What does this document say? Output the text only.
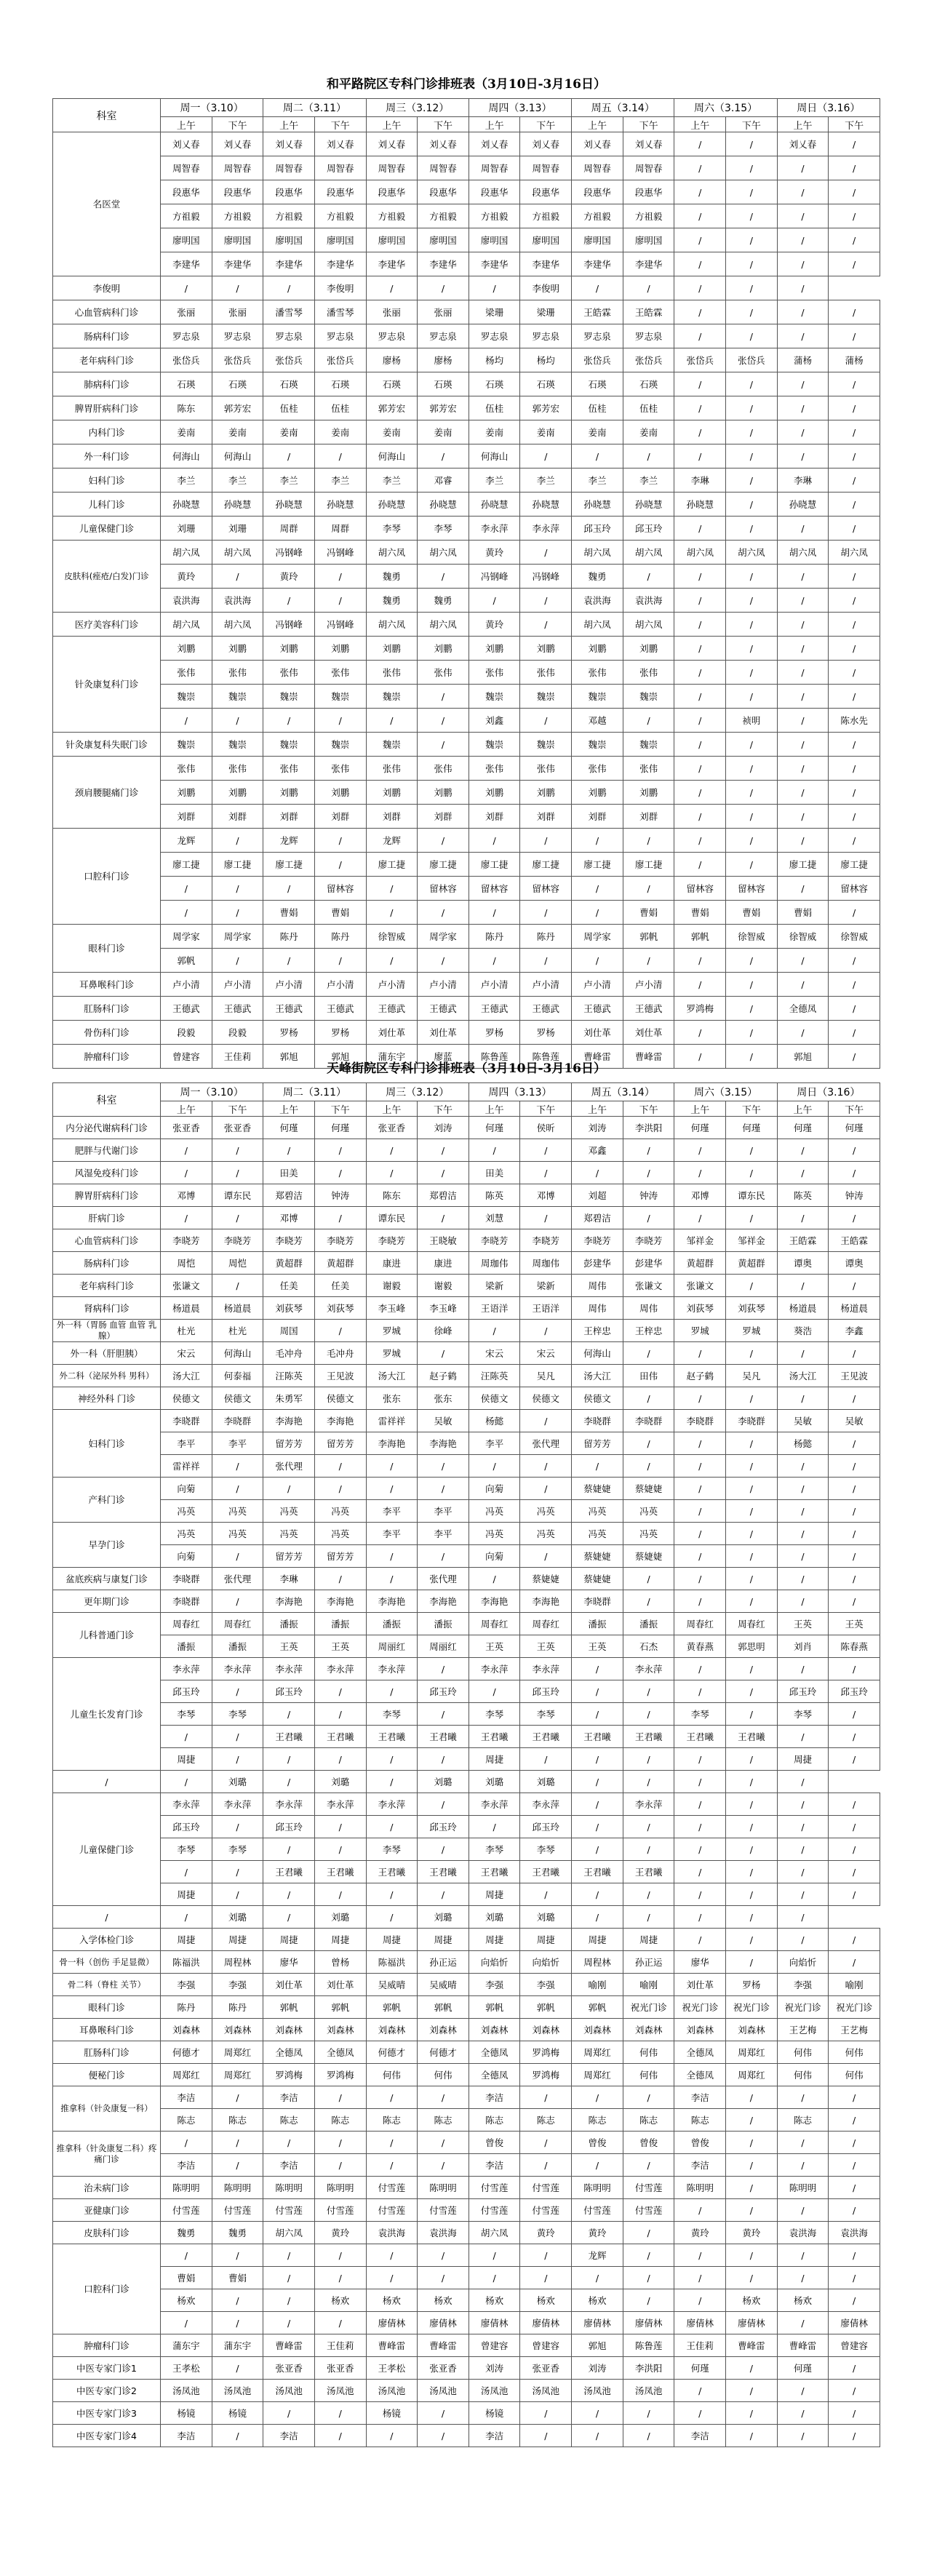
和平路院区专科门诊排班表（3月10日-3月16日）
科室	周一（3.10）		周二（3.11）		周三（3.12）		周四（3.13）		周五（3.14）		周六（3.15）		周日（3.16）	
	上午	下午	上午	下午	上午	下午	上午	下午	上午	下午	上午	下午	上午	下午
名医堂	刘乂春	刘乂春	刘乂春	刘乂春	刘乂春	刘乂春	刘乂春	刘乂春	刘乂春	刘乂春	/	/	刘乂春	/
	周智春	周智春	周智春	周智春	周智春	周智春	周智春	周智春	周智春	周智春	/	/	/	/
	段惠华	段惠华	段惠华	段惠华	段惠华	段惠华	段惠华	段惠华	段惠华	段惠华	/	/	/	/
	方祖毅	方祖毅	方祖毅	方祖毅	方祖毅	方祖毅	方祖毅	方祖毅	方祖毅	方祖毅	/	/	/	/
	廖明国	廖明国	廖明国	廖明国	廖明国	廖明国	廖明国	廖明国	廖明国	廖明国	/	/	/	/
	李建华	李建华	李建华	李建华	李建华	李建华	李建华	李建华	李建华	李建华	/	/	/	/
李俊明	/	/	/	李俊明	/	/	/	李俊明	/	/	/	/	/	
心血管病科门诊	张丽	张丽	潘雪琴	潘雪琴	张丽	张丽	梁珊	梁珊	王皓霖	王皓霖	/	/	/	/
肠病科门诊	罗志泉	罗志泉	罗志泉	罗志泉	罗志泉	罗志泉	罗志泉	罗志泉	罗志泉	罗志泉	/	/	/	/
老年病科门诊	张岱兵	张岱兵	张岱兵	张岱兵	廖杨	廖杨	杨均	杨均	张岱兵	张岱兵	张岱兵	张岱兵	蒲杨	蒲杨
肺病科门诊	石瑛	石瑛	石瑛	石瑛	石瑛	石瑛	石瑛	石瑛	石瑛	石瑛	/	/	/	/
脾胃肝病科门诊	陈东	郭芳宏	伍桂	伍桂	郭芳宏	郭芳宏	伍桂	郭芳宏	伍桂	伍桂	/	/	/	/
内科门诊	姜南	姜南	姜南	姜南	姜南	姜南	姜南	姜南	姜南	姜南	/	/	/	/
外一科门诊	何海山	何海山	/	/	何海山	/	何海山	/	/	/	/	/	/	/
妇科门诊	李兰	李兰	李兰	李兰	李兰	邓睿	李兰	李兰	李兰	李兰	李琳	/	李琳	/
儿科门诊	孙晓慧	孙晓慧	孙晓慧	孙晓慧	孙晓慧	孙晓慧	孙晓慧	孙晓慧	孙晓慧	孙晓慧	孙晓慧	/	孙晓慧	/
儿童保健门诊	刘珊	刘珊	周群	周群	李琴	李琴	李永萍	李永萍	邱玉玲	邱玉玲	/	/	/	/
皮肤科(痤疮/白发)门诊	胡六凤	胡六凤	冯钢峰	冯钢峰	胡六凤	胡六凤	黄玲	/	胡六凤	胡六凤	胡六凤	胡六凤	胡六凤	胡六凤
	黄玲	/	黄玲	/	魏勇	/	冯钢峰	冯钢峰	魏勇	/	/	/	/	/
	袁洪海	袁洪海	/	/	魏勇	魏勇	/	/	袁洪海	袁洪海	/	/	/	/
医疗美容科门诊	胡六凤	胡六凤	冯钢峰	冯钢峰	胡六凤	胡六凤	黄玲	/	胡六凤	胡六凤	/	/	/	/
针灸康复科门诊	刘鹏	刘鹏	刘鹏	刘鹏	刘鹏	刘鹏	刘鹏	刘鹏	刘鹏	刘鹏	/	/	/	/
	张伟	张伟	张伟	张伟	张伟	张伟	张伟	张伟	张伟	张伟	/	/	/	/
	魏崇	魏崇	魏崇	魏崇	魏崇	/	魏崇	魏崇	魏崇	魏崇	/	/	/	/
	/	/	/	/	/	/	刘鑫	/	邓越	/	/	祯明	/	陈水先
针灸康复科失眠门诊	魏崇	魏崇	魏崇	魏崇	魏崇	/	魏崇	魏崇	魏崇	魏崇	/	/	/	/
颈肩腰腿痛门诊	张伟	张伟	张伟	张伟	张伟	张伟	张伟	张伟	张伟	张伟	/	/	/	/
	刘鹏	刘鹏	刘鹏	刘鹏	刘鹏	刘鹏	刘鹏	刘鹏	刘鹏	刘鹏	/	/	/	/
	刘群	刘群	刘群	刘群	刘群	刘群	刘群	刘群	刘群	刘群	/	/	/	/
口腔科门诊	龙辉	/	龙辉	/	龙辉	/	/	/	/	/	/	/	/	/
	廖工捷	廖工捷	廖工捷	/	廖工捷	廖工捷	廖工捷	廖工捷	廖工捷	廖工捷	/	/	廖工捷	廖工捷
	/	/	/	留林容	/	留林容	留林容	留林容	/	/	留林容	留林容	/	留林容
	/	/	曹娟	曹娟	/	/	/	/	/	曹娟	曹娟	曹娟	曹娟	/
眼科门诊	周学家	周学家	陈丹	陈丹	徐智威	周学家	陈丹	陈丹	周学家	郭帆	郭帆	徐智威	徐智威	徐智威
	郭帆	/	/	/	/	/	/	/	/	/	/	/	/	/
耳鼻喉科门诊	卢小清	卢小清	卢小清	卢小清	卢小清	卢小清	卢小清	卢小清	卢小清	卢小清	/	/	/	/
肛肠科门诊	王德武	王德武	王德武	王德武	王德武	王德武	王德武	王德武	王德武	王德武	罗鸿梅	/	全德凤	/
骨伤科门诊	段毅	段毅	罗杨	罗杨	刘仕革	刘仕革	罗杨	罗杨	刘仕革	刘仕革	/	/	/	/
肿瘤科门诊	曾建容	王佳莉	郭旭	郭旭	蒲东宇	廖蓝	陈鲁莲	陈鲁莲	曹峰雷	曹峰雷	/	/	郭旭	/
天峰街院区专科门诊排班表（3月10日-3月16日）
科室	周一（3.10）		周二（3.11）		周三（3.12）		周四（3.13）		周五（3.14）		周六（3.15）		周日（3.16）	
	上午	下午	上午	下午	上午	下午	上午	下午	上午	下午	上午	下午	上午	下午
内分泌代谢病科门诊	张亚香	张亚香	何瑾	何瑾	张亚香	刘涛	何瑾	侯昕	刘涛	李洪阳	何瑾	何瑾	何瑾	何瑾
肥胖与代谢门诊	/	/	/	/	/	/	/	/	邓鑫	/	/	/	/	/
风湿免疫科门诊	/	/	田美	/	/	/	田美	/	/	/	/	/	/	/
脾胃肝病科门诊	邓博	谭东民	郑碧洁	钟涛	陈东	郑碧洁	陈英	邓博	刘超	钟涛	邓博	谭东民	陈英	钟涛
肝病门诊	/	/	邓博	/	谭东民	/	刘慧	/	郑碧洁	/	/	/	/	/
心血管病科门诊	李晓芳	李晓芳	李晓芳	李晓芳	李晓芳	王晓敏	李晓芳	李晓芳	李晓芳	李晓芳	邹祥金	邹祥金	王皓霖	王皓霖
肠病科门诊	周恺	周恺	黄超群	黄超群	康进	康进	周珈伟	周珈伟	彭建华	彭建华	黄超群	黄超群	谭奥	谭奥
老年病科门诊	张谦文	/	任美	任美	谢毅	谢毅	梁新	梁新	周伟	张谦文	张谦文	/	/	/
肾病科门诊	杨道晨	杨道晨	刘荻琴	刘荻琴	李玉峰	李玉峰	王语洋	王语洋	周伟	周伟	刘荻琴	刘荻琴	杨道晨	杨道晨
外一科（胃肠 血管 血管 乳腺）	杜光	杜光	周国	/	罗城	徐峰	/	/	王梓忠	王梓忠	罗城	罗城	葵浩	李鑫
外一科（肝胆胰）	宋云	何海山	毛冲舟	毛冲舟	罗城	/	宋云	宋云	何海山	/	/	/	/	/
外二科（泌尿外科 男科）	汤大江	何泰福	汪陈英	王见波	汤大江	赵子鹤	汪陈英	吴凡	汤大江	田伟	赵子鹤	吴凡	汤大江	王见波
神经外科 门诊	侯德文	侯德文	朱勇军	侯德文	张东	张东	侯德文	侯德文	侯德文	/	/	/	/	/
妇科门诊	李晓群	李晓群	李海艳	李海艳	雷祥祥	吴敏	杨懿	/	李晓群	李晓群	李晓群	李晓群	吴敏	吴敏
	李平	李平	留芳芳	留芳芳	李海艳	李海艳	李平	张代理	留芳芳	/	/	/	杨懿	/
	雷祥祥	/	张代理	/	/	/	/	/	/	/	/	/	/	/
产科门诊	向菊	/	/	/	/	/	向菊	/	蔡婕婕	蔡婕婕	/	/	/	/
	冯英	冯英	冯英	冯英	李平	李平	冯英	冯英	冯英	冯英	/	/	/	/
早孕门诊	冯英	冯英	冯英	冯英	李平	李平	冯英	冯英	冯英	冯英	/	/	/	/
	向菊	/	留芳芳	留芳芳	/	/	向菊	/	蔡婕婕	蔡婕婕	/	/	/	/
盆底疾病与康复门诊	李晓群	张代理	李琳	/	/	张代理	/	蔡婕婕	蔡婕婕	/	/	/	/	/
更年期门诊	李晓群	/	李海艳	李海艳	李海艳	李海艳	李海艳	李海艳	李晓群	/	/	/	/	/
儿科普通门诊	周春红	周春红	潘振	潘振	潘振	潘振	周春红	周春红	潘振	潘振	周春红	周春红	王英	王英
	潘振	潘振	王英	王英	周丽红	周丽红	王英	王英	王英	石杰	黄春燕	郭思明	刘肖	陈春燕
儿童生长发育门诊	李永萍	李永萍	李永萍	李永萍	李永萍	/	李永萍	李永萍	/	李永萍	/	/	/	/
	邱玉玲	/	邱玉玲	/	/	邱玉玲	/	邱玉玲	/	/	/	/	邱玉玲	邱玉玲
	李琴	李琴	/	/	李琴	/	李琴	李琴	/	/	李琴	/	李琴	/
	/	/	王君曦	王君曦	王君曦	王君曦	王君曦	王君曦	王君曦	王君曦	王君曦	王君曦	/	/
	周捷	/	/	/	/	/	周捷	/	/	/	/	/	周捷	/
/	/	刘璐	/	刘璐	/	刘璐	刘璐	刘璐	/	/	/	/	/	
儿童保健门诊	李永萍	李永萍	李永萍	李永萍	李永萍	/	李永萍	李永萍	/	李永萍	/	/	/	/
	邱玉玲	/	邱玉玲	/	/	邱玉玲	/	邱玉玲	/	/	/	/	/	/
	李琴	李琴	/	/	李琴	/	李琴	李琴	/	/	/	/	/	/
	/	/	王君曦	王君曦	王君曦	王君曦	王君曦	王君曦	王君曦	王君曦	/	/	/	/
	周捷	/	/	/	/	/	周捷	/	/	/	/	/	/	/
/	/	刘璐	/	刘璐	/	刘璐	刘璐	刘璐	/	/	/	/	/	
入学体检门诊	周捷	周捷	周捷	周捷	周捷	周捷	周捷	周捷	周捷	周捷	/	/	/	/
骨一科（创伤 手足显微）	陈福洪	周程林	廖华	曾杨	陈福洪	孙正运	向焰忻	向焰忻	周程林	孙正运	廖华	/	向焰忻	/
骨二科（脊柱 关节）	李强	李强	刘仕革	刘仕革	吴威晴	吴威晴	李强	李强	喻刚	喻刚	刘仕革	罗杨	李强	喻刚
眼科门诊	陈丹	陈丹	郭帆	郭帆	郭帆	郭帆	郭帆	郭帆	郭帆	祝光门诊	祝光门诊	祝光门诊	祝光门诊	祝光门诊
耳鼻喉科门诊	刘森林	刘森林	刘森林	刘森林	刘森林	刘森林	刘森林	刘森林	刘森林	刘森林	刘森林	刘森林	王艺梅	王艺梅
肛肠科门诊	何德才	周郑红	全德凤	全德凤	何德才	何德才	全德凤	罗鸿梅	周郑红	何伟	全德凤	周郑红	何伟	何伟
便秘门诊	周郑红	周郑红	罗鸿梅	罗鸿梅	何伟	何伟	全德凤	罗鸿梅	周郑红	何伟	全德凤	周郑红	何伟	何伟
推拿科（针灸康复一科）	李洁	/	李洁	/	/	/	李洁	/	/	/	李洁	/	/	/
	陈志	陈志	陈志	陈志	陈志	陈志	陈志	陈志	陈志	陈志	陈志	/	陈志	/
推拿科（针灸康复二科）疼痛门诊	/	/	/	/	/	/	曾俊	/	曾俊	曾俊	曾俊	/	/	/
	李洁	/	李洁	/	/	/	李洁	/	/	/	李洁	/	/	/
治未病门诊	陈明明	陈明明	陈明明	陈明明	付雪莲	陈明明	付雪莲	付雪莲	陈明明	付雪莲	陈明明	/	陈明明	/
亚健康门诊	付雪莲	付雪莲	付雪莲	付雪莲	付雪莲	付雪莲	付雪莲	付雪莲	付雪莲	付雪莲	/	/	/	/
皮肤科门诊	魏勇	魏勇	胡六凤	黄玲	袁洪海	袁洪海	胡六凤	黄玲	黄玲	/	黄玲	黄玲	袁洪海	袁洪海
口腔科门诊	/	/	/	/	/	/	/	/	龙辉	/	/	/	/	/
	曹娟	曹娟	/	/	/	/	/	/	/	/	/	/	/	/
	杨欢	/	/	杨欢	杨欢	杨欢	杨欢	杨欢	杨欢	/	/	杨欢	杨欢	/
	/	/	/	/	廖倩林	廖倩林	廖倩林	廖倩林	廖倩林	廖倩林	廖倩林	廖倩林	/	廖倩林
肿瘤科门诊	蒲东宇	蒲东宇	曹峰雷	王佳莉	曹峰雷	曹峰雷	曾建容	曾建容	郭旭	陈鲁莲	王佳莉	曹峰雷	曹峰雷	曾建容
中医专家门诊1	王孝松	/	张亚香	张亚香	王孝松	张亚香	刘涛	张亚香	刘涛	李洪阳	何瑾	/	何瑾	/
中医专家门诊2	汤凤池	汤凤池	汤凤池	汤凤池	汤凤池	汤凤池	汤凤池	汤凤池	汤凤池	汤凤池	/	/	/	/
中医专家门诊3	杨镜	杨镜	/	/	杨镜	/	杨镜	/	/	/	/	/	/	/
中医专家门诊4	李洁	/	李洁	/	/	/	李洁	/	/	/	李洁	/	/	/
